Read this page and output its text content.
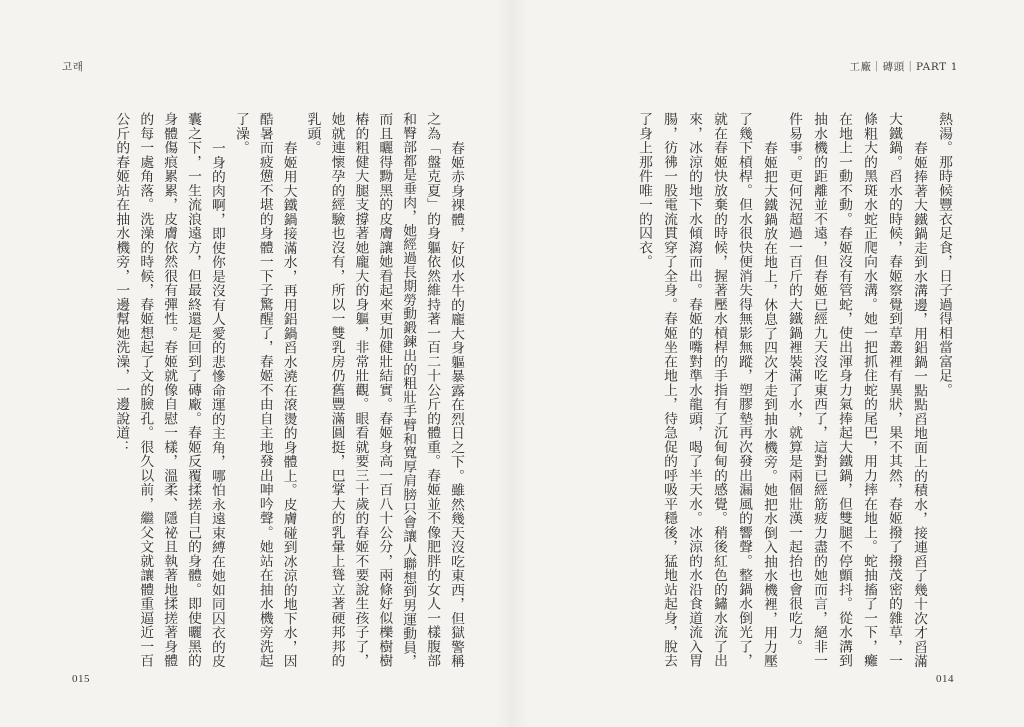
고래
春姬赤身裸體，好似水牛的龐大身軀暴露在烈日之下。雖然幾天沒吃東西，但獄警稱
之為「盤克夏」的身軀依然維持著一百二十公斤的體重。春姬並不像肥胖的女人一樣腹部
和臀部都是垂肉，她經過長期勞動鍛鍊出的粗壯手臂和寬厚肩膀只會讓人聯想到男運動員，
而且曬得黝黑的皮膚讓她看起來更加健壯結實。春姬身高一百八十公分，兩條好似櫟樹樹
樁的粗健大腿支撐著她龐大的身軀，非常壯觀。眼看就要三十歲的春姬不要說生孩子了，
她就連懷孕的經驗也沒有，所以一雙乳房仍舊豐滿圓挺，巴掌大的乳暈上聳立著硬邦邦的
乳頭。
春姬用大鐵鍋接滿水，再用鋁鍋舀水澆在滾燙的身體上。皮膚碰到冰涼的地下水，因
酷暑而疲憊不堪的身體一下子驚醒了，春姬不由自主地發出呻吟聲。她站在抽水機旁洗起
了澡。
一身的肉啊，即使你是沒有人愛的悲慘命運的主角，哪怕永遠束縛在她如同囚衣的皮
囊之下，一生流浪遠方，但最終還是回到了磚廠。春姬反覆揉搓自己的身體。即使曬黑的
身體傷痕累累，皮膚依然很有彈性。春姬就像自慰一樣，溫柔、隱祕且執著地揉搓著身體
的每一處角落。洗澡的時候，春姬想起了文的臉孔。很久以前，繼父文就讓體重逼近一百
公斤的春姬站在抽水機旁，一邊幫她洗澡，一邊說道：
015
工廠｜磚頭｜PART 1
熱湯。那時候豐衣足食，日子過得相當富足。
春姬捧著大鐵鍋走到水溝邊，用鋁鍋一點點舀地面上的積水，接連舀了幾十次才舀滿
大鐵鍋。舀水的時候，春姬察覺到草叢裡有異狀，果不其然，春姬撥了撥茂密的雜草，一
條粗大的黑斑水蛇正爬向水溝。她一把抓住蛇的尾巴，用力摔在地上。蛇抽搐了一下，癱
在地上一動不動。春姬沒有管蛇，使出渾身力氣捧起大鐵鍋，但雙腿不停顫抖。從水溝到
抽水機的距離並不遠，但春姬已經九天沒吃東西了，這對已經筋疲力盡的她而言，絕非一
件易事。更何況超過一百斤的大鐵鍋裡裝滿了水，就算是兩個壯漢一起抬也會很吃力。
春姬把大鐵鍋放在地上，休息了四次才走到抽水機旁。她把水倒入抽水機裡，用力壓
了幾下槓桿。但水很快便消失得無影無蹤，塑膠墊再次發出漏風的響聲。整鍋水倒光了，
就在春姬快放棄的時候，握著壓水槓桿的手指有了沉甸甸的感覺。稍後紅色的鏽水流了出
來，冰涼的地下水傾瀉而出。春姬的嘴對準水龍頭，喝了半天水。冰涼的水沿食道流入胃
腸，彷彿一股電流貫穿了全身。春姬坐在地上，待急促的呼吸平穩後，猛地站起身，脫去
了身上那件唯一的囚衣。
014
